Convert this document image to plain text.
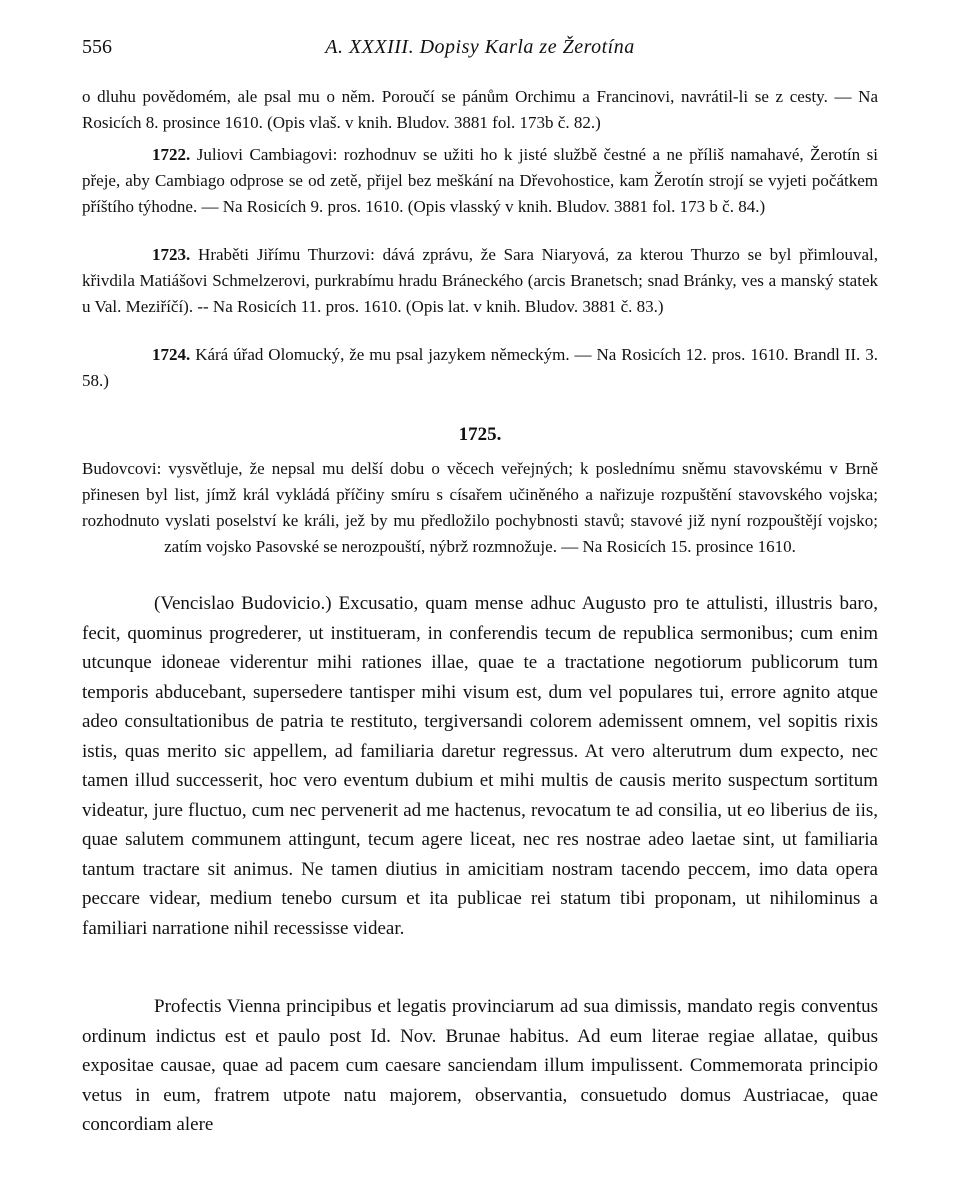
556	A. XXXIII. Dopisy Karla ze Žerotína
o dluhu povědomém, ale psal mu o něm. Poroučí se pánům Orchimu a Francinovi, navrátil-li se z cesty. — Na Rosicích 8. prosince 1610. (Opis vlaš. v knih. Bludov. 3881 fol. 173b č. 82.)
1722. Juliovi Cambiagovi: rozhodnuv se užiti ho k jisté službě čestné a ne příliš namahavé, Žerotín si přeje, aby Cambiago odprose se od zetě, přijel bez meškání na Dřevohostice, kam Žerotín strojí se vyjeti počátkem příštího týhodne. — Na Rosicích 9. pros. 1610. (Opis vlasský v knih. Bludov. 3881 fol. 173 b č. 84.)
1723. Hraběti Jiřímu Thurzovi: dává zprávu, že Sara Niaryová, za kterou Thurzo se byl přimlouval, křivdila Matiášovi Schmelzerovi, purkrabímu hradu Bráneckého (arcis Branetsch; snad Bránky, ves a manský statek u Val. Meziříčí). -- Na Rosicích 11. pros. 1610. (Opis lat. v knih. Bludov. 3881 č. 83.)
1724. Kárá úřad Olomucký, že mu psal jazykem německým. — Na Rosicích 12. pros. 1610. Brandl II. 3. 58.)
1725.
Budovcovi: vysvětluje, že nepsal mu delší dobu o věcech veřejných; k poslednímu sněmu stavovskému v Brně přinesen byl list, jímž král vykládá příčiny smíru s císařem učiněného a nařizuje rozpuštění stavovského vojska; rozhodnuto vyslati poselství ke králi, jež by mu předložilo pochybnosti stavů; stavové již nyní rozpouštějí vojsko; zatím vojsko Pasovské se nerozpouští, nýbrž rozmnožuje. — Na Rosicích 15. prosince 1610.
(Vencislao Budovicio.) Excusatio, quam mense adhuc Augusto pro te attulisti, illustris baro, fecit, quominus progrederer, ut institueram, in conferendis tecum de republica sermonibus; cum enim utcunque idoneae viderentur mihi rationes illae, quae te a tractatione negotiorum publicorum tum temporis abducebant, supersedere tantisper mihi visum est, dum vel populares tui, errore agnito atque adeo consultationibus de patria te restituto, tergiversandi colorem ademissent omnem, vel sopitis rixis istis, quas merito sic appellem, ad familiaria daretur regressus. At vero alterutrum dum expecto, nec tamen illud successerit, hoc vero eventum dubium et mihi multis de causis merito suspectum sortitum videatur, jure fluctuo, cum nec pervenerit ad me hactenus, revocatum te ad consilia, ut eo liberius de iis, quae salutem communem attingunt, tecum agere liceat, nec res nostrae adeo laetae sint, ut familiaria tantum tractare sit animus. Ne tamen diutius in amicitiam nostram tacendo peccem, imo data opera peccare videar, medium tenebo cursum et ita publicae rei statum tibi proponam, ut nihilominus a familiari narratione nihil recessisse videar.
Profectis Vienna principibus et legatis provinciarum ad sua dimissis, mandato regis conventus ordinum indictus est et paulo post Id. Nov. Brunae habitus. Ad eum literae regiae allatae, quibus expositae causae, quae ad pacem cum caesare sanciendam illum impulissent. Commemorata principio vetus in eum, fratrem utpote natu majorem, observantia, consuetudo domus Austriacae, quae concordiam alere
